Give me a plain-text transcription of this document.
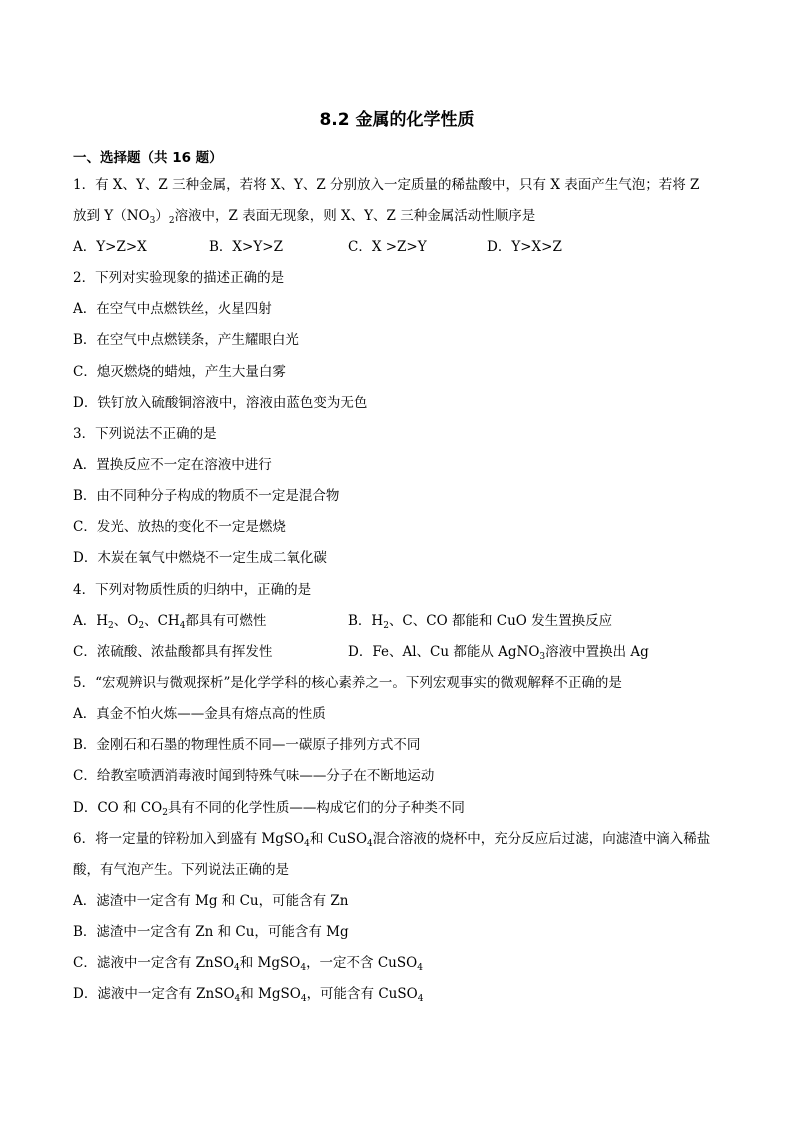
8.2 金属的化学性质
一、选择题（共 16 题）
1．有 X、Y、Z 三种金属，若将 X、Y、Z 分别放入一定质量的稀盐酸中，只有 X 表面产生气泡；若将 Z
放到 $Y(NO_3)_2$溶液中，Z 表面无现象，则 X、Y、Z 三种金属活动性顺序是
A．Y>Z>X	B．X>Y>Z	C．X >Z>Y	D．Y>X>Z
2．下列对实验现象的描述正确的是
A．在空气中点燃铁丝，火星四射
B．在空气中点燃镁条，产生耀眼白光
C．熄灭燃烧的蜡烛，产生大量白雾
D．铁钉放入硫酸铜溶液中，溶液由蓝色变为无色
3．下列说法不正确的是
A．置换反应不一定在溶液中进行
B．由不同种分子构成的物质不一定是混合物
C．发光、放热的变化不一定是燃烧
D．木炭在氧气中燃烧不一定生成二氧化碳
4．下列对物质性质的归纳中，正确的是
A．$H_2$、$O_2$、$CH_4$都具有可燃性	B．$H_2$、C、CO 都能和 CuO 发生置换反应
C．浓硫酸、浓盐酸都具有挥发性	D．Fe、Al、Cu 都能从 AgNO$_3$溶液中置换出 Ag
5．“宏观辨识与微观探析”是化学学科的核心素养之一。下列宏观事实的微观解释不正确的是
A．真金不怕火炼——金具有熔点高的性质
B．金刚石和石墨的物理性质不同—一碳原子排列方式不同
C．给教室喷洒消毒液时闻到特殊气味——分子在不断地运动
D．CO 和 $CO_2$具有不同的化学性质——构成它们的分子种类不同
6．将一定量的锌粉加入到盛有 MgSO$_4$和 CuSO$_4$混合溶液的烧杯中，充分反应后过滤，向滤渣中滴入稀盐
酸，有气泡产生。下列说法正确的是
A．滤渣中一定含有 Mg 和 Cu，可能含有 Zn
B．滤渣中一定含有 Zn 和 Cu，可能含有 Mg
C．滤液中一定含有 ZnSO$_4$和 MgSO$_4$，一定不含 CuSO$_4$
D．滤液中一定含有 ZnSO$_4$和 MgSO$_4$，可能含有 CuSO$_4$
